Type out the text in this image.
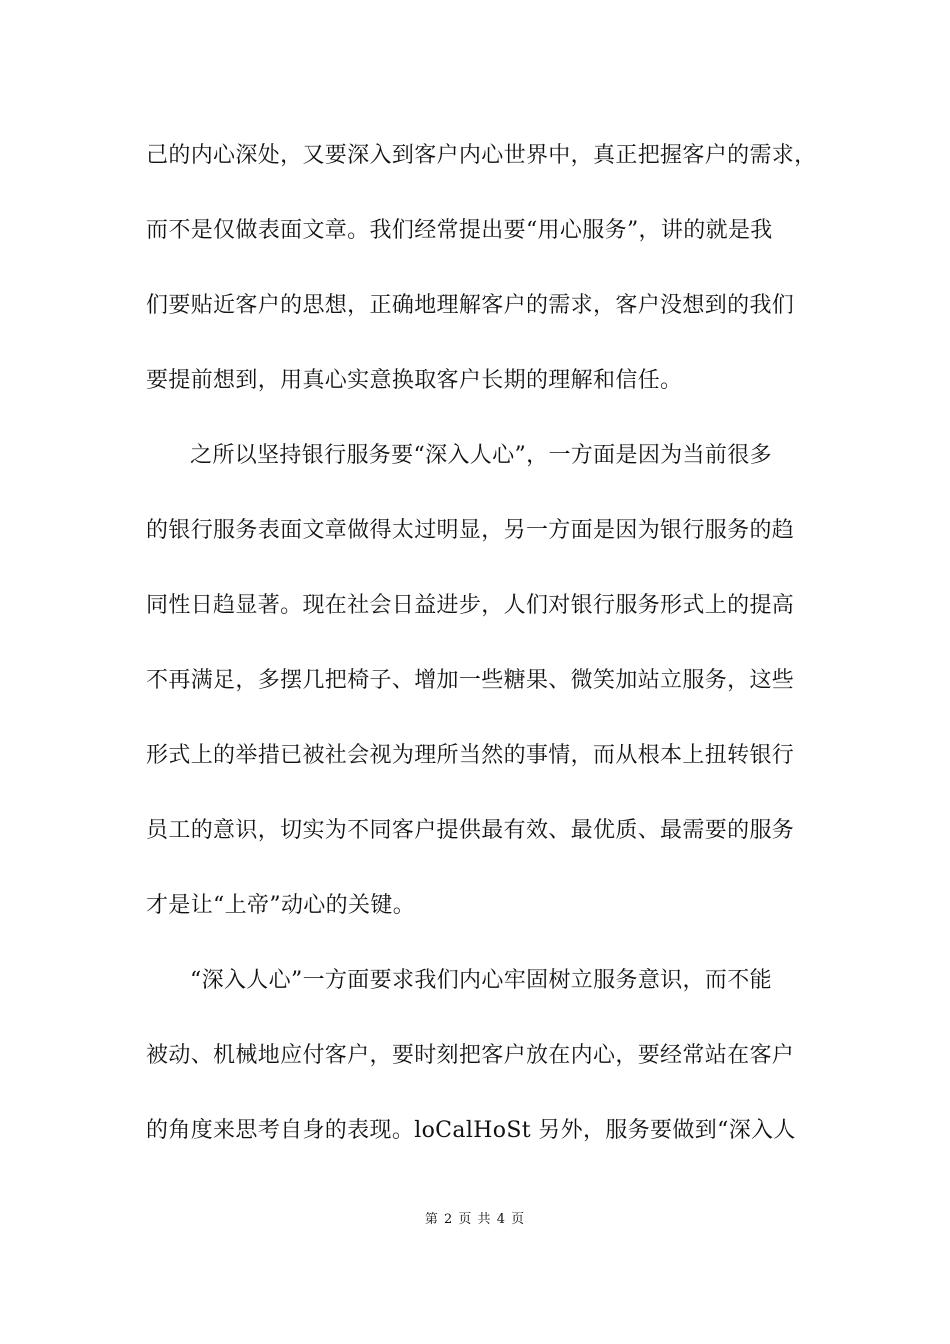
己的内心深处，又要深入到客户内心世界中，真正把握客户的需求，
而不是仅做表面文章。我们经常提出要“用心服务”，讲的就是我
们要贴近客户的思想，正确地理解客户的需求，客户没想到的我们
要提前想到，用真心实意换取客户长期的理解和信任。
之所以坚持银行服务要“深入人心”，一方面是因为当前很多
的银行服务表面文章做得太过明显，另一方面是因为银行服务的趋
同性日趋显著。现在社会日益进步，人们对银行服务形式上的提高
不再满足，多摆几把椅子、增加一些糖果、微笑加站立服务，这些
形式上的举措已被社会视为理所当然的事情，而从根本上扭转银行
员工的意识，切实为不同客户提供最有效、最优质、最需要的服务
才是让“上帝”动心的关键。
“深入人心”一方面要求我们内心牢固树立服务意识，而不能
被动、机械地应付客户，要时刻把客户放在内心，要经常站在客户
的角度来思考自身的表现。loCalHoSt 另外，服务要做到“深入人
第 2 页 共 4 页
